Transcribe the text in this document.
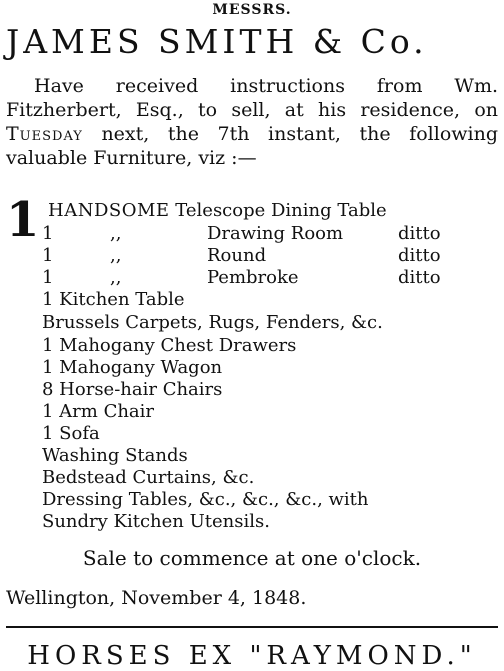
MESSRS.
JAMES SMITH & Co.
Have received instructions from Wm. Fitzherbert, Esq., to sell, at his residence, on Tuesday next, the 7th instant, the following valuable Furniture, viz :—
1 HANDSOME Telescope Dining Table
1	,,	Drawing Room	ditto
1	,,	Round	ditto
1	,,	Pembroke	ditto
1 Kitchen Table
Brussels Carpets, Rugs, Fenders, &c.
1 Mahogany Chest Drawers
1 Mahogany Wagon
8 Horse-hair Chairs
1 Arm Chair
1 Sofa
Washing Stands
Bedstead Curtains, &c.
Dressing Tables, &c., &c., &c., with
Sundry Kitchen Utensils.
Sale to commence at one o'clock.
Wellington, November 4, 1848.
HORSES EX "RAYMOND."
